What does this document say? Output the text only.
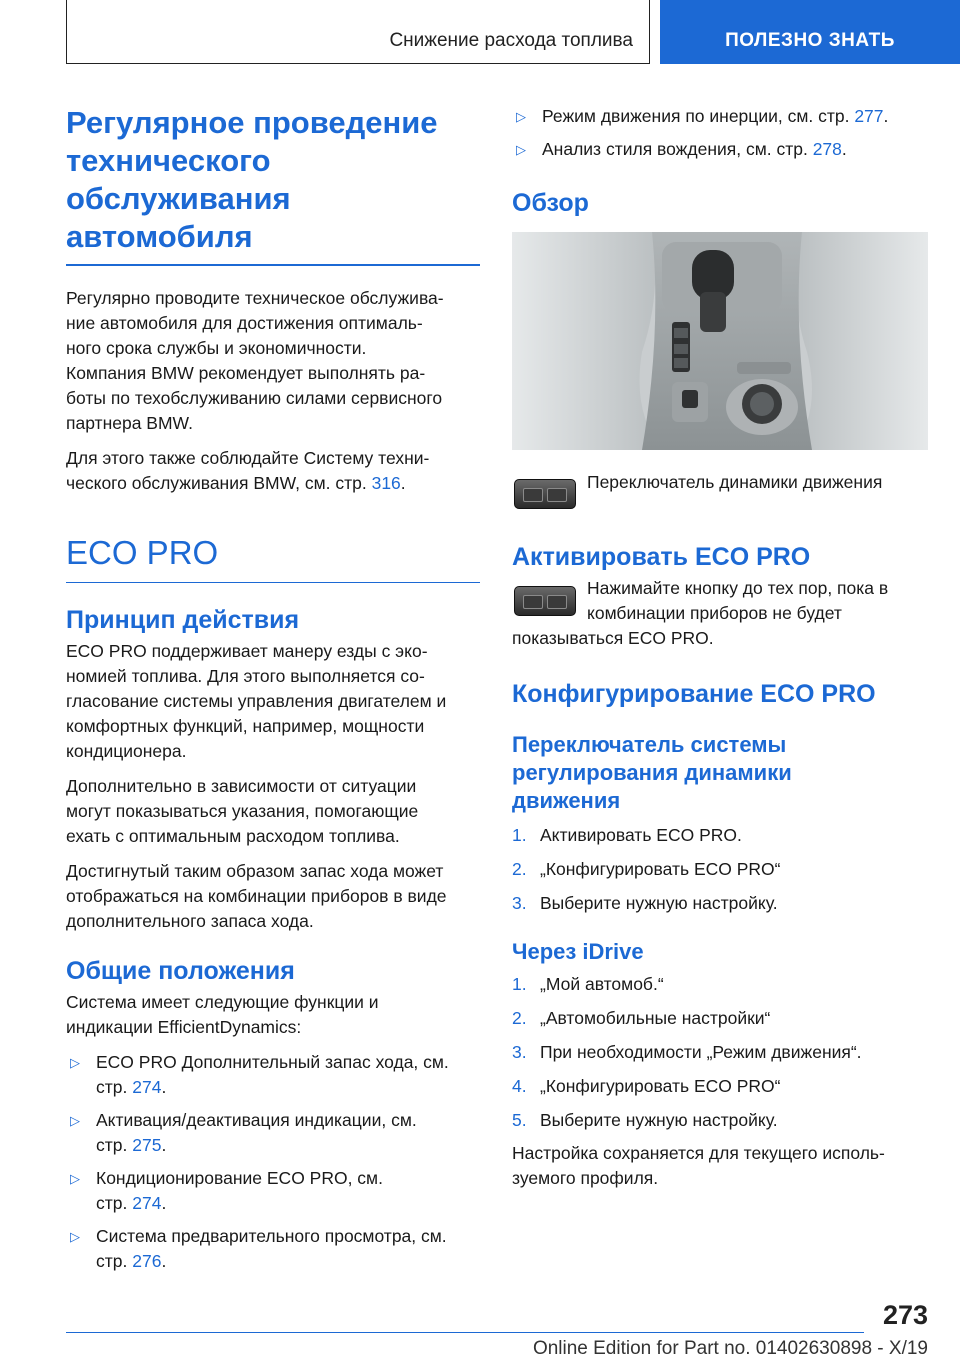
Снижение расхода топлива	ПОЛЕЗНО ЗНАТЬ
Регулярное проведение
технического
обслуживания
автомобиля
Регулярно проводите техническое обслужива‐
ние автомобиля для достижения оптималь‐
ного срока службы и экономичности.
Компания BMW рекомендует выполнять ра‐
боты по техобслуживанию силами сервисного
партнера BMW.
Для этого также соблюдайте Систему техни‐
ческого обслуживания BMW, см. стр. 316.
ECO PRO
Принцип действия
ECO PRO поддерживает манеру езды с эко‐
номией топлива. Для этого выполняется со‐
гласование системы управления двигателем и
комфортных функций, например, мощности
кондиционера.
Дополнительно в зависимости от ситуации
могут показываться указания, помогающие
ехать с оптимальным расходом топлива.
Достигнутый таким образом запас хода может
отображаться на комбинации приборов в виде
дополнительного запаса хода.
Общие положения
Система имеет следующие функции и
индикации EfficientDynamics:
▷ ECO PRO Дополнительный запас хода, см.
стр. 274.
▷ Активация/деактивация индикации, см.
стр. 275.
▷ Кондиционирование ECO PRO, см.
стр. 274.
▷ Система предварительного просмотра, см.
стр. 276.
▷ Режим движения по инерции, см. стр. 277.
▷ Анализ стиля вождения, см. стр. 278.
Обзор
Переключатель динамики движения
Активировать ECO PRO
Нажимайте кнопку до тех пор, пока в
комбинации приборов не будет
показываться ECO PRO.
Конфигурирование ECO PRO
Переключатель системы
регулирования динамики
движения
1. Активировать ECO PRO.
2. „Конфигурировать ECO PRO“
3. Выберите нужную настройку.
Через iDrive
1. „Мой автомоб.“
2. „Автомобильные настройки“
3. При необходимости „Режим движения“.
4. „Конфигурировать ECO PRO“
5. Выберите нужную настройку.
Настройка сохраняется для текущего исполь‐
зуемого профиля.
273
Online Edition for Part no. 01402630898 - X/19
